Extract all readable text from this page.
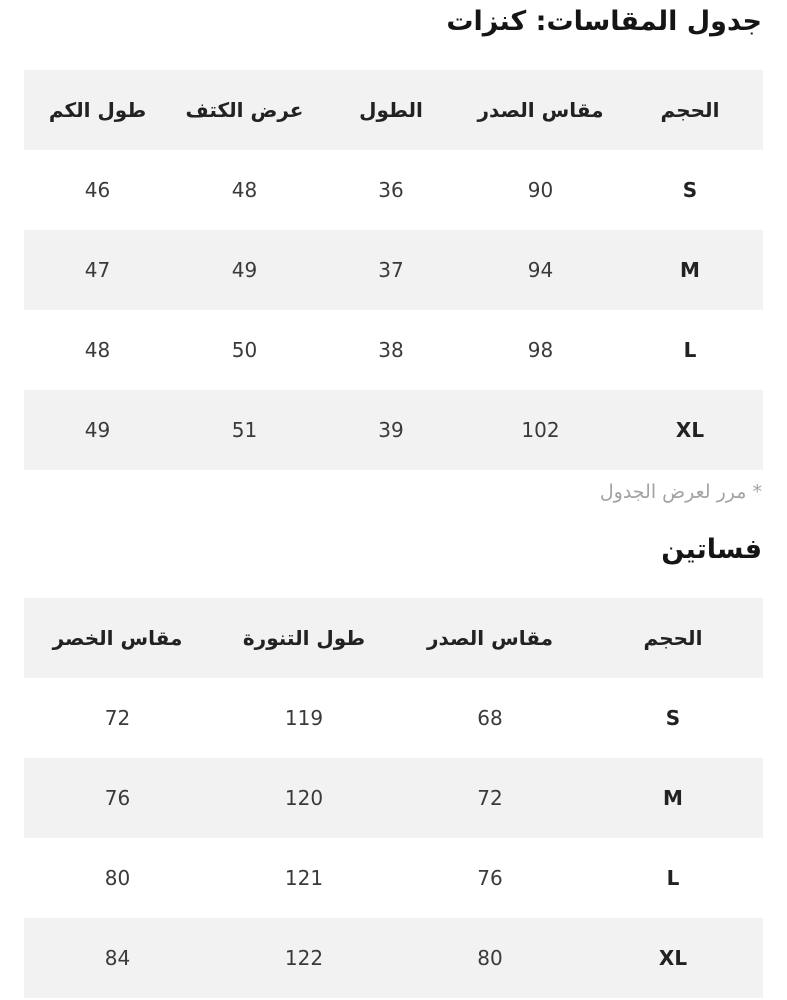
جدول المقاسات: كنزات
الحجم	مقاس الصدر	الطول	عرض الكتف	طول الكم
S	90	36	48	46
M	94	37	49	47
L	98	38	50	48
XL	102	39	51	49
* مرر لعرض الجدول
فساتين
الحجم	مقاس الصدر	طول التنورة	مقاس الخصر
S	68	119	72
M	72	120	76
L	76	121	80
XL	80	122	84
